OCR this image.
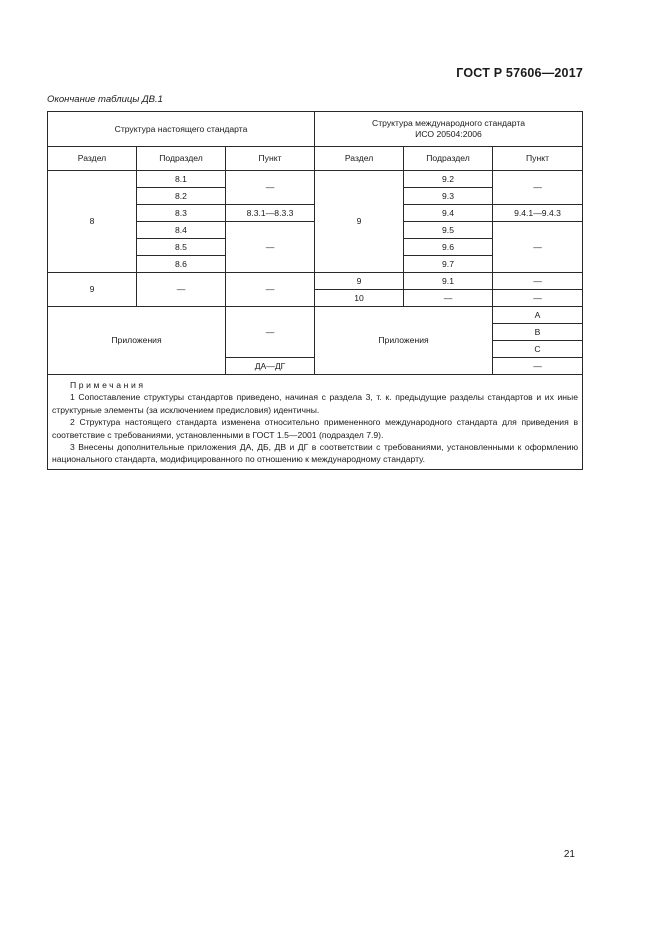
ГОСТ Р 57606—2017
Окончание таблицы ДВ.1
Структура настоящего стандарта			Структура международного стандарта
ИСО 20504:2006		
Раздел	Подраздел	Пункт	Раздел	Подраздел	Пункт
8	8.1	—	9	9.2	—
	8.2			9.3	
	8.3	8.3.1—8.3.3		9.4	9.4.1—9.4.3
	8.4	—		9.5	—
	8.5			9.6	
	8.6			9.7	
9	—	—	9	9.1	—
			10	—	—
Приложения		—	Приложения		A
					B
					C
		ДА—ДГ			—

Примечания

1 Сопоставление структуры стандартов приведено, начиная с раздела 3, т. к. предыдущие разделы стандартов и их иные структурные элементы (за исключением предисловия) идентичны.

2 Структура настоящего стандарта изменена относительно примененного международного стандарта для приведения в соответствие с требованиями, установленными в ГОСТ 1.5—2001 (подраздел 7.9).

3 Внесены дополнительные приложения ДА, ДБ, ДВ и ДГ в соответствии с требованиями, установленными к оформлению национального стандарта, модифицированного по отношению к международному стандарту.					

21
